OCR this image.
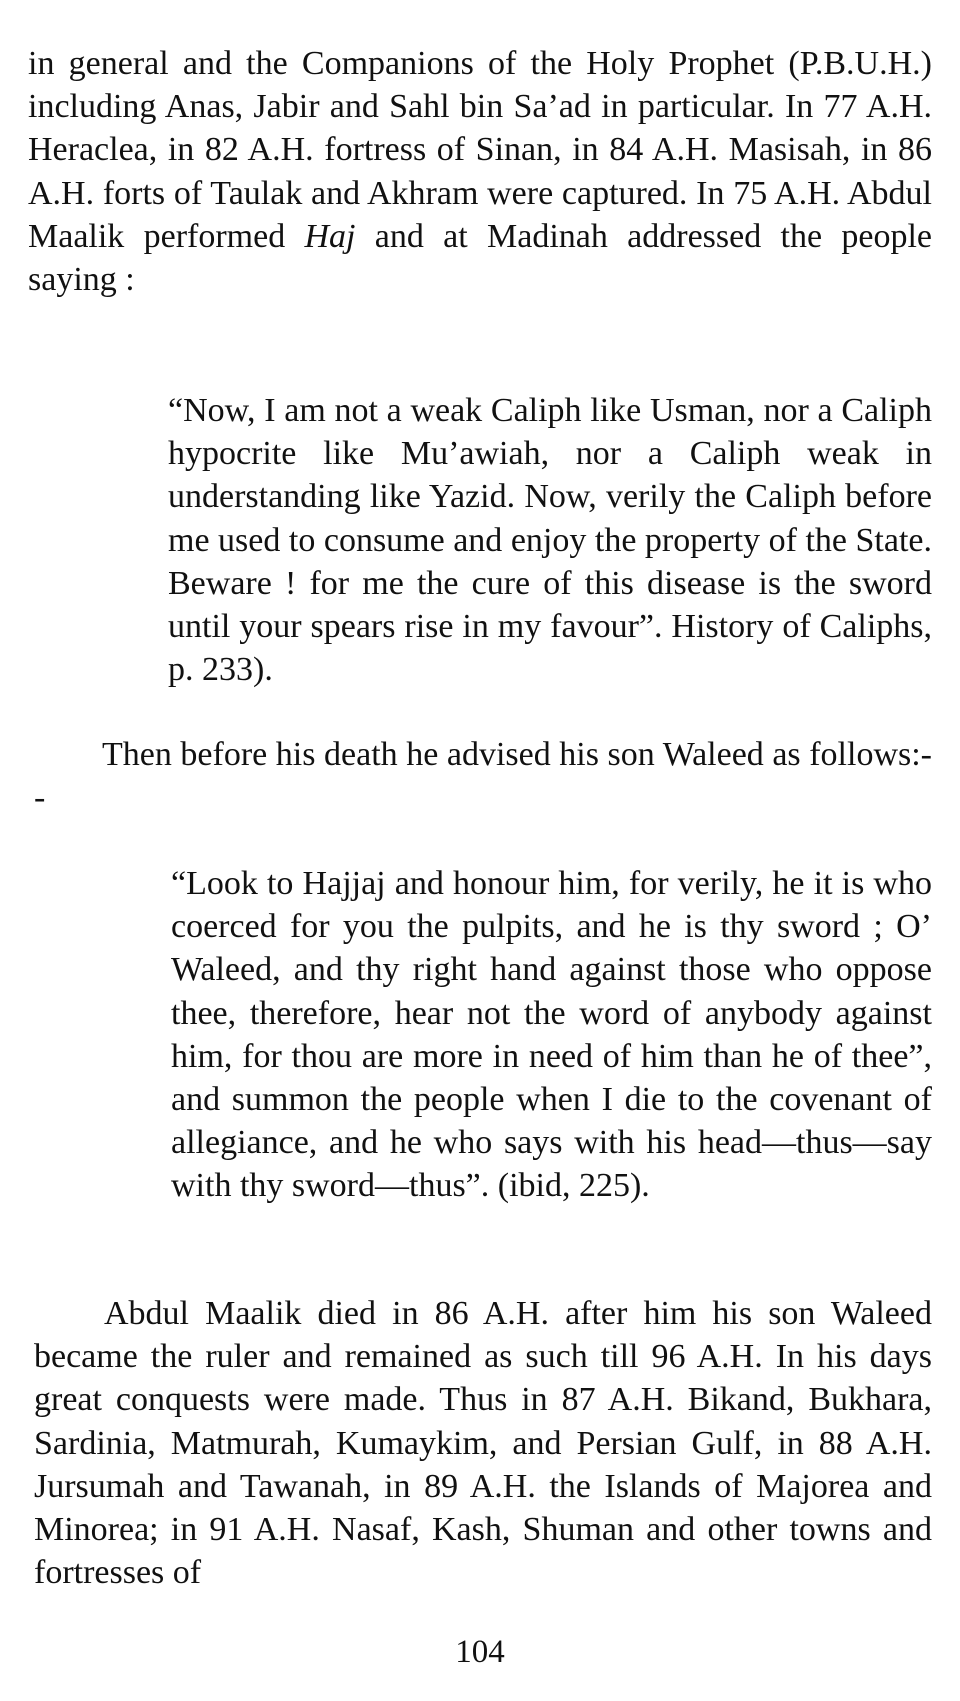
in general and the Companions of the Holy Prophet (P.B.U.H.) including Anas, Jabir and Sahl bin Sa’ad in particular. In 77 A.H. Heraclea, in 82 A.H. fortress of Sinan, in 84 A.H. Masisah, in 86 A.H. forts of Taulak and Akhram were captured. In 75 A.H. Abdul Maalik performed Haj and at Madinah addressed the people saying :

“Now, I am not a weak Caliph like Usman, nor a Caliph hypocrite like Mu’awiah, nor a Caliph weak in understanding like Yazid. Now, verily the Caliph before me used to consume and enjoy the property of the State. Beware ! for me the cure of this disease is the sword until your spears rise in my favour”. History of Caliphs, p. 233).

Then before his death he advised his son Waleed as follows:--

“Look to Hajjaj and honour him, for verily, he it is who coerced for you the pulpits, and he is thy sword ; O’ Waleed, and thy right hand against those who oppose thee, therefore, hear not the word of anybody against him, for thou are more in need of him than he of thee”, and summon the people when I die to the covenant of allegiance, and he who says with his head—thus—say with thy sword—thus”. (ibid, 225).

Abdul Maalik died in 86 A.H. after him his son Waleed became the ruler and remained as such till 96 A.H. In his days great conquests were made. Thus in 87 A.H. Bikand, Bukhara, Sardinia, Matmurah, Kumaykim, and Persian Gulf, in 88 A.H. Jursumah and Tawanah, in 89 A.H. the Islands of Majorea and Minorea; in 91 A.H. Nasaf, Kash, Shuman and other towns and fortresses of

104
